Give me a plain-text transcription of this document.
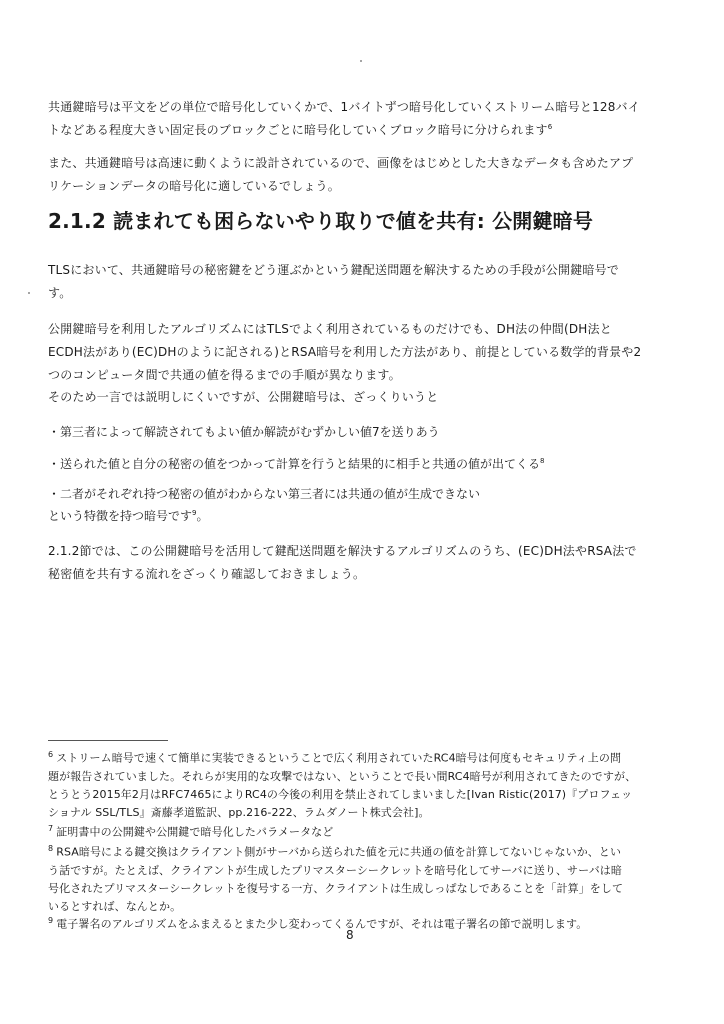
共通鍵暗号は平文をどの単位で暗号化していくかで、1バイトずつ暗号化していくストリーム暗号と128バイ
トなどある程度大きい固定長のブロックごとに暗号化していくブロック暗号に分けられます$^6$

また、共通鍵暗号は高速に動くように設計されているので、画像をはじめとした大きなデータも含めたアプ
リケーションデータの暗号化に適しているでしょう。

2.1.2 読まれても困らないやり取りで値を共有: 公開鍵暗号

TLSにおいて、共通鍵暗号の秘密鍵をどう運ぶかという鍵配送問題を解決するための手段が公開鍵暗号で
す。

公開鍵暗号を利用したアルゴリズムにはTLSでよく利用されているものだけでも、DH法の仲間(DH法と
ECDH法があり(EC)DHのように記される)とRSA暗号を利用した方法があり、前提としている数学的背景や2
つのコンピュータ間で共通の値を得るまでの手順が異なります。

そのため一言では説明しにくいですが、公開鍵暗号は、ざっくりいうと

・第三者によって解読されてもよい値か解読がむずかしい値7を送りあう

・送られた値と自分の秘密の値をつかって計算を行うと結果的に相手と共通の値が出てくる$^8$

・二者がそれぞれ持つ秘密の値がわからない第三者には共通の値が生成できない

という特徴を持つ暗号です$^9$。

2.1.2節では、この公開鍵暗号を活用して鍵配送問題を解決するアルゴリズムのうち、(EC)DH法やRSA法で
秘密値を共有する流れをざっくり確認しておきましょう。

$^6$ ストリーム暗号で速くて簡単に実装できるということで広く利用されていたRC4暗号は何度もセキュリティ上の問
題が報告されていました。それらが実用的な攻撃ではない、ということで長い間RC4暗号が利用されてきたのですが、
とうとう2015年2月はRFC7465によりRC4の今後の利用を禁止されてしまいました[Ivan Ristic(2017)『プロフェッ
ショナル SSL/TLS』斎藤孝道監訳、pp.216-222、ラムダノート株式会社]。

$^7$ 証明書中の公開鍵や公開鍵で暗号化したパラメータなど

$^8$ RSA暗号による鍵交換はクライアント側がサーバから送られた値を元に共通の値を計算してないじゃないか、とい
う話ですが。たとえば、クライアントが生成したプリマスターシークレットを暗号化してサーバに送り、サーバは暗
号化されたプリマスターシークレットを復号する一方、クライアントは生成しっぱなしであることを「計算」をして
いるとすれば、なんとか。

$^9$ 電子署名のアルゴリズムをふまえるとまた少し変わってくるんですが、それは電子署名の節で説明します。

8
